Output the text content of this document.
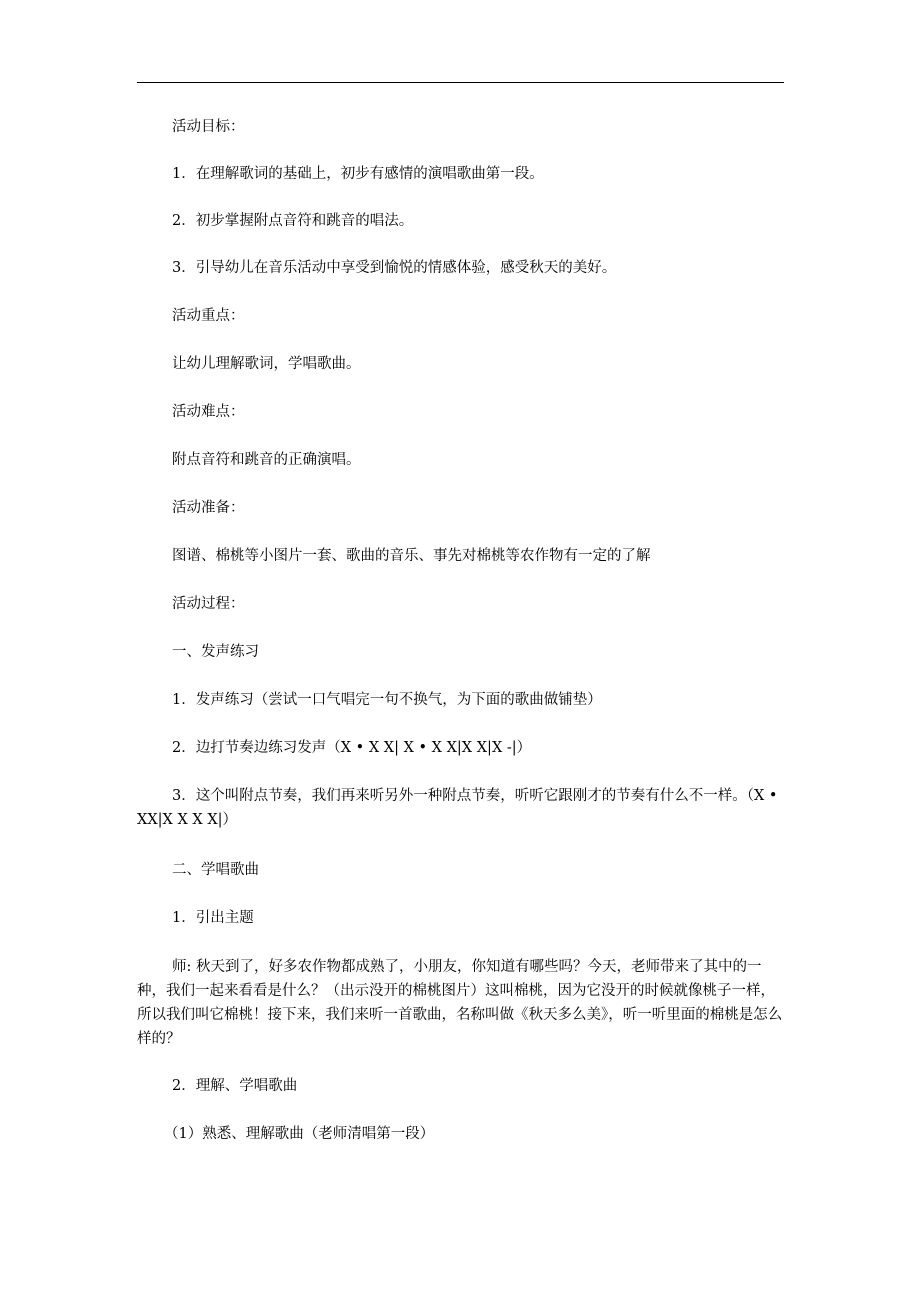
活动目标：
1．在理解歌词的基础上，初步有感情的演唱歌曲第一段。
2．初步掌握附点音符和跳音的唱法。
3．引导幼儿在音乐活动中享受到愉悦的情感体验，感受秋天的美好。
活动重点：
让幼儿理解歌词，学唱歌曲。
活动难点：
附点音符和跳音的正确演唱。
活动准备：
图谱、棉桃等小图片一套、歌曲的音乐、事先对棉桃等农作物有一定的了解
活动过程：
一、发声练习
1．发声练习（尝试一口气唱完一句不换气，为下面的歌曲做铺垫）
2．边打节奏边练习发声（X • X X| X • X X|X X|X -|）
3．这个叫附点节奏，我们再来听另外一种附点节奏，听听它跟刚才的节奏有什么不一样。（X • XX|X X X X|）
二、学唱歌曲
1．引出主题
师: 秋天到了，好多农作物都成熟了，小朋友，你知道有哪些吗？今天，老师带来了其中的一种，我们一起来看看是什么？（出示没开的棉桃图片）这叫棉桃，因为它没开的时候就像桃子一样，所以我们叫它棉桃！接下来，我们来听一首歌曲，名称叫做《秋天多么美》，听一听里面的棉桃是怎么样的？
2．理解、学唱歌曲
（1）熟悉、理解歌曲（老师清唱第一段）
